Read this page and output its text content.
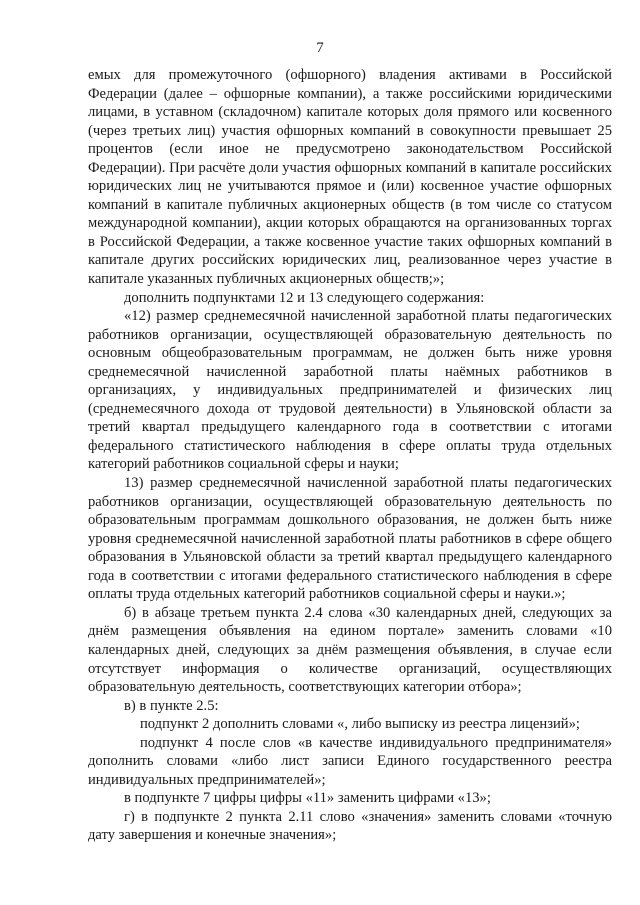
7

емых для промежуточного (офшорного) владения активами в Российской Федерации (далее – офшорные компании), а также российскими юридическими лицами, в уставном (складочном) капитале которых доля прямого или косвенного (через третьих лиц) участия офшорных компаний в совокупности превышает 25 процентов (если иное не предусмотрено законодательством Российской Федерации). При расчёте доли участия офшорных компаний в капитале российских юридических лиц не учитываются прямое и (или) косвенное участие офшорных компаний в капитале публичных акционерных обществ (в том числе со статусом международной компании), акции которых обращаются на организованных торгах в Российской Федерации, а также косвенное участие таких офшорных компаний в капитале других российских юридических лиц, реализованное через участие в капитале указанных публичных акционерных обществ;»;

дополнить подпунктами 12 и 13 следующего содержания:

«12) размер среднемесячной начисленной заработной платы педагогических работников организации, осуществляющей образовательную деятельность по основным общеобразовательным программам, не должен быть ниже уровня среднемесячной начисленной заработной платы наёмных работников в организациях, у индивидуальных предпринимателей и физических лиц (среднемесячного дохода от трудовой деятельности) в Ульяновской области за третий квартал предыдущего календарного года в соответствии с итогами федерального статистического наблюдения в сфере оплаты труда отдельных категорий работников социальной сферы и науки;

13) размер среднемесячной начисленной заработной платы педагогических работников организации, осуществляющей образовательную деятельность по образовательным программам дошкольного образования, не должен быть ниже уровня среднемесячной начисленной заработной платы работников в сфере общего образования в Ульяновской области за третий квартал предыдущего календарного года в соответствии с итогами федерального статистического наблюдения в сфере оплаты труда отдельных категорий работников социальной сферы и науки.»;

б) в абзаце третьем пункта 2.4 слова «30 календарных дней, следующих за днём размещения объявления на едином портале» заменить словами «10 календарных дней, следующих за днём размещения объявления, в случае если отсутствует информация о количестве организаций, осуществляющих образовательную деятельность, соответствующих категории отбора»;

в) в пункте 2.5:

подпункт 2 дополнить словами «, либо выписку из реестра лицензий»;

подпункт 4 после слов «в качестве индивидуального предпринимателя» дополнить словами «либо лист записи Единого государственного реестра индивидуальных предпринимателей»;

в подпункте 7 цифры цифры «11» заменить цифрами «13»;

г) в подпункте 2 пункта 2.11 слово «значения» заменить словами «точную дату завершения и конечные значения»;
